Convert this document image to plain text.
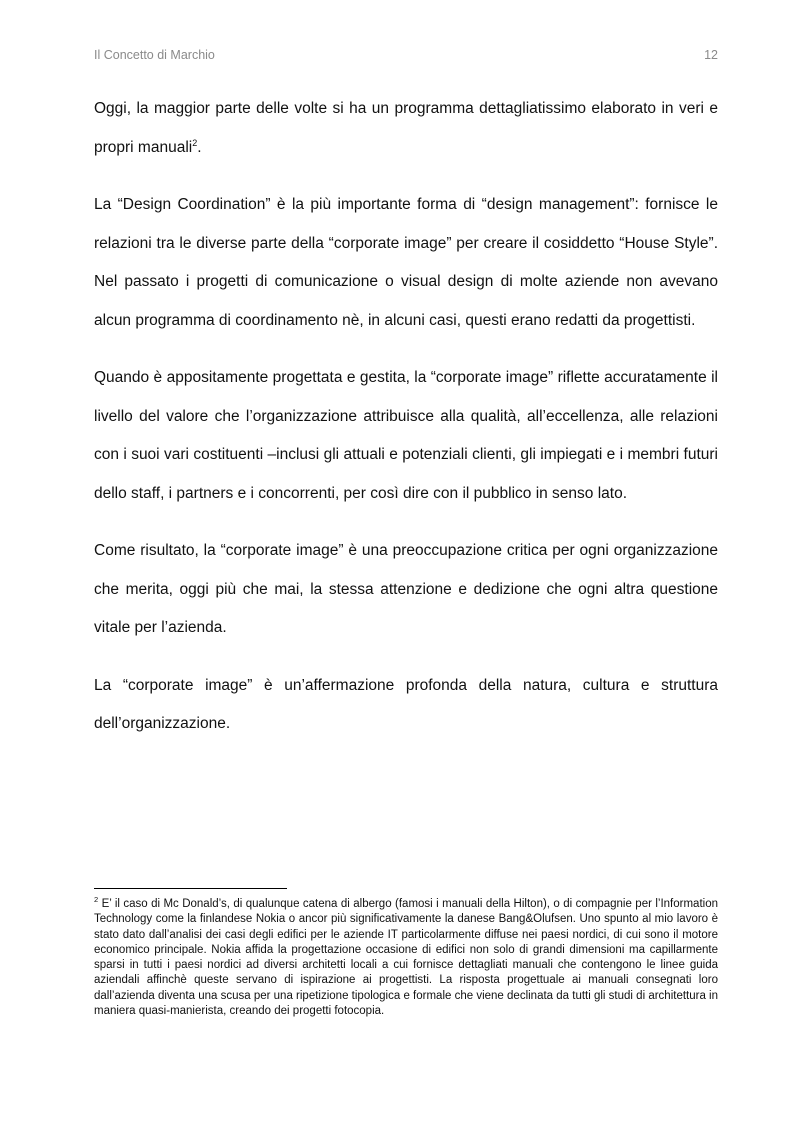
Il Concetto di Marchio	12

Oggi, la maggior parte delle volte si ha un programma dettagliatissimo elaborato in veri e propri manuali$^2$.

La “Design Coordination” è la più importante forma di “design management”: fornisce le relazioni tra le diverse parte della “corporate image” per creare il cosiddetto “House Style”. Nel passato i progetti di comunicazione o visual design di molte aziende non avevano alcun programma di coordinamento nè, in alcuni casi, questi erano redatti da progettisti.

Quando è appositamente progettata e gestita, la “corporate image” riflette accuratamente il livello del valore che l’organizzazione attribuisce alla qualità, all’eccellenza, alle relazioni con i suoi vari costituenti –inclusi gli attuali e potenziali clienti, gli impiegati e i membri futuri dello staff, i partners e i concorrenti, per così dire con il pubblico in senso lato.

Come risultato, la “corporate image” è una preoccupazione critica per ogni organizzazione che merita, oggi più che mai, la stessa attenzione e dedizione che ogni altra questione vitale per l’azienda.

La “corporate image” è un’affermazione profonda della natura, cultura e struttura dell’organizzazione.

$^2$ E’ il caso di Mc Donald’s, di qualunque catena di albergo (famosi i manuali della Hilton), o di compagnie per l’Information Technology come la finlandese Nokia o ancor più significativamente la danese Bang&Olufsen. Uno spunto al mio lavoro è stato dato dall’analisi dei casi degli edifici per le aziende IT particolarmente diffuse nei paesi nordici, di cui sono il motore economico principale. Nokia affida la progettazione occasione di edifici non solo di grandi dimensioni ma capillarmente sparsi in tutti i paesi nordici ad diversi architetti locali a cui fornisce dettagliati manuali che contengono le linee guida aziendali affinchè queste servano di ispirazione ai progettisti. La risposta progettuale ai manuali consegnati loro dall’azienda diventa una scusa per una ripetizione tipologica e formale che viene declinata da tutti gli studi di architettura in maniera quasi-manierista, creando dei progetti fotocopia.
